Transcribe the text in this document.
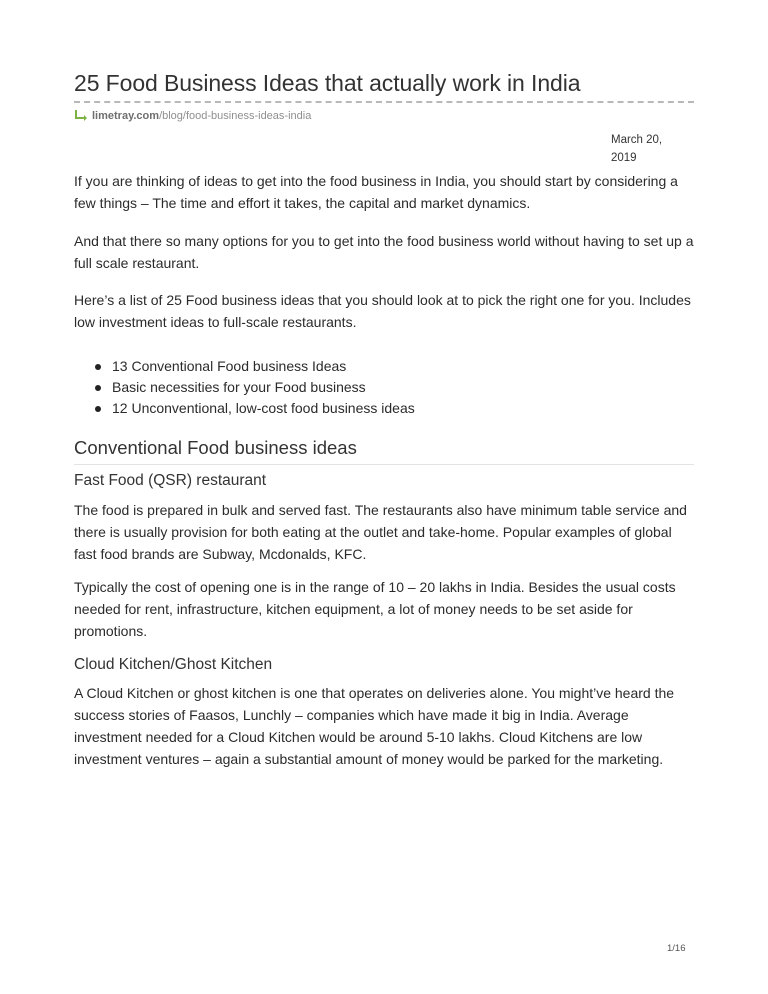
25 Food Business Ideas that actually work in India
limetray.com/blog/food-business-ideas-india
March 20,
2019

If you are thinking of ideas to get into the food business in India, you should start by considering a few things – The time and effort it takes, the capital and market dynamics.

And that there so many options for you to get into the food business world without having to set up a full scale restaurant.

Here’s a list of 25 Food business ideas that you should look at to pick the right one for you. Includes low investment ideas to full-scale restaurants.

13 Conventional Food business Ideas
Basic necessities for your Food business
12 Unconventional, low-cost food business ideas
Conventional Food business ideas
Fast Food (QSR) restaurant

The food is prepared in bulk and served fast. The restaurants also have minimum table service and there is usually provision for both eating at the outlet and take-home. Popular examples of global fast food brands are Subway, Mcdonalds, KFC.

Typically the cost of opening one is in the range of 10 – 20 lakhs in India. Besides the usual costs needed for rent, infrastructure, kitchen equipment, a lot of money needs to be set aside for promotions.

Cloud Kitchen/Ghost Kitchen

A Cloud Kitchen or ghost kitchen is one that operates on deliveries alone. You might’ve heard the success stories of Faasos, Lunchly – companies which have made it big in India. Average investment needed for a Cloud Kitchen would be around 5-10 lakhs. Cloud Kitchens are low investment ventures – again a substantial amount of money would be parked for the marketing.

1/16
